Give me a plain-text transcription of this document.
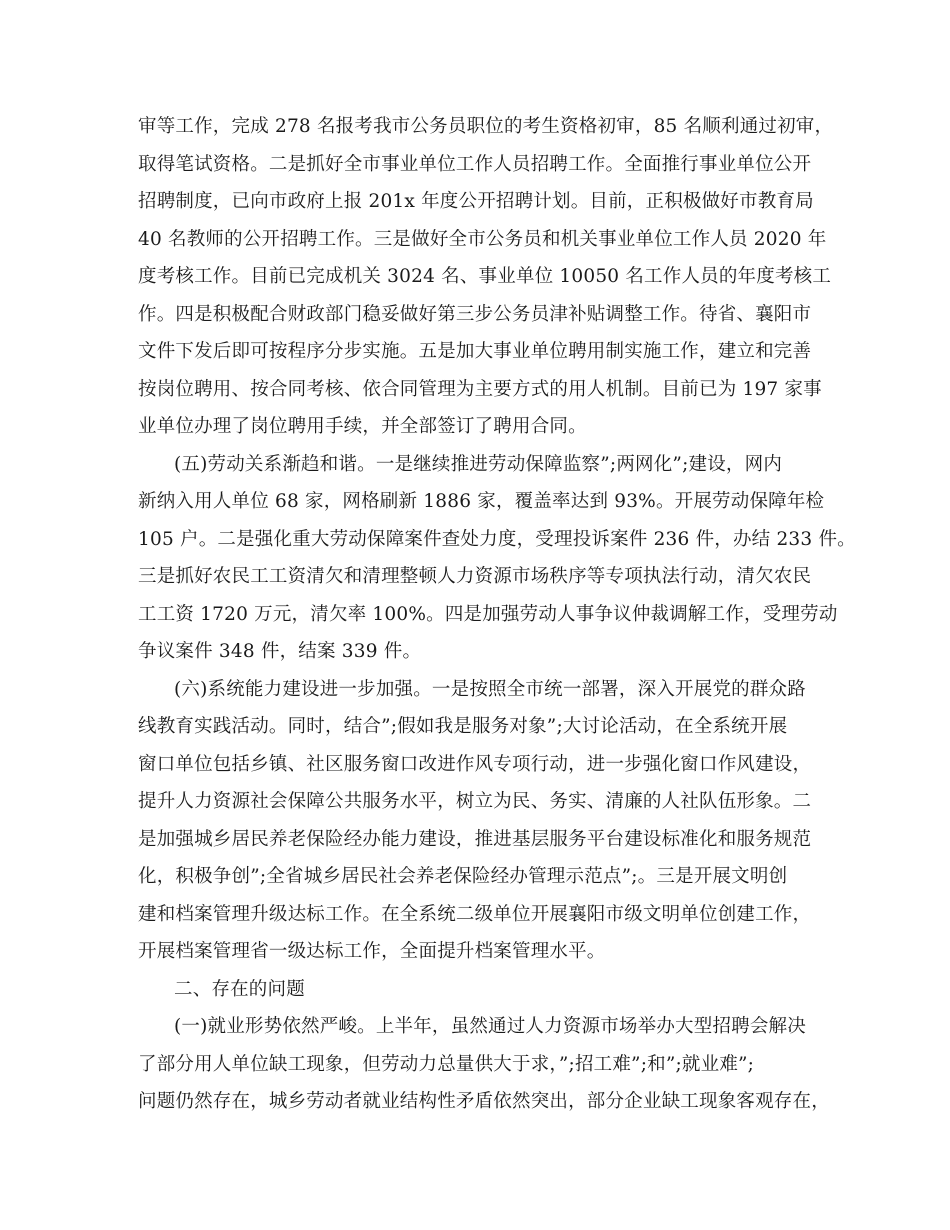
审等工作，完成 278 名报考我市公务员职位的考生资格初审，85 名顺利通过初审，
取得笔试资格。二是抓好全市事业单位工作人员招聘工作。全面推行事业单位公开
招聘制度，已向市政府上报 201x 年度公开招聘计划。目前，正积极做好市教育局
40 名教师的公开招聘工作。三是做好全市公务员和机关事业单位工作人员 2020 年
度考核工作。目前已完成机关 3024 名、事业单位 10050 名工作人员的年度考核工
作。四是积极配合财政部门稳妥做好第三步公务员津补贴调整工作。待省、襄阳市
文件下发后即可按程序分步实施。五是加大事业单位聘用制实施工作，建立和完善
按岗位聘用、按合同考核、依合同管理为主要方式的用人机制。目前已为 197 家事
业单位办理了岗位聘用手续，并全部签订了聘用合同。
(五)劳动关系渐趋和谐。一是继续推进劳动保障监察”;两网化”;建设，网内
新纳入用人单位 68 家，网格刷新 1886 家，覆盖率达到 93%。开展劳动保障年检
105 户。二是强化重大劳动保障案件查处力度，受理投诉案件 236 件，办结 233 件。
三是抓好农民工工资清欠和清理整顿人力资源市场秩序等专项执法行动，清欠农民
工工资 1720 万元，清欠率 100%。四是加强劳动人事争议仲裁调解工作，受理劳动
争议案件 348 件，结案 339 件。
(六)系统能力建设进一步加强。一是按照全市统一部署，深入开展党的群众路
线教育实践活动。同时，结合”;假如我是服务对象”;大讨论活动，在全系统开展
窗口单位包括乡镇、社区服务窗口改进作风专项行动，进一步强化窗口作风建设，
提升人力资源社会保障公共服务水平，树立为民、务实、清廉的人社队伍形象。二
是加强城乡居民养老保险经办能力建设，推进基层服务平台建设标准化和服务规范
化，积极争创”;全省城乡居民社会养老保险经办管理示范点”;。三是开展文明创
建和档案管理升级达标工作。在全系统二级单位开展襄阳市级文明单位创建工作，
开展档案管理省一级达标工作，全面提升档案管理水平。
二、存在的问题
(一)就业形势依然严峻。上半年，虽然通过人力资源市场举办大型招聘会解决
了部分用人单位缺工现象，但劳动力总量供大于求，”;招工难”;和”;就业难”;
问题仍然存在，城乡劳动者就业结构性矛盾依然突出，部分企业缺工现象客观存在，
